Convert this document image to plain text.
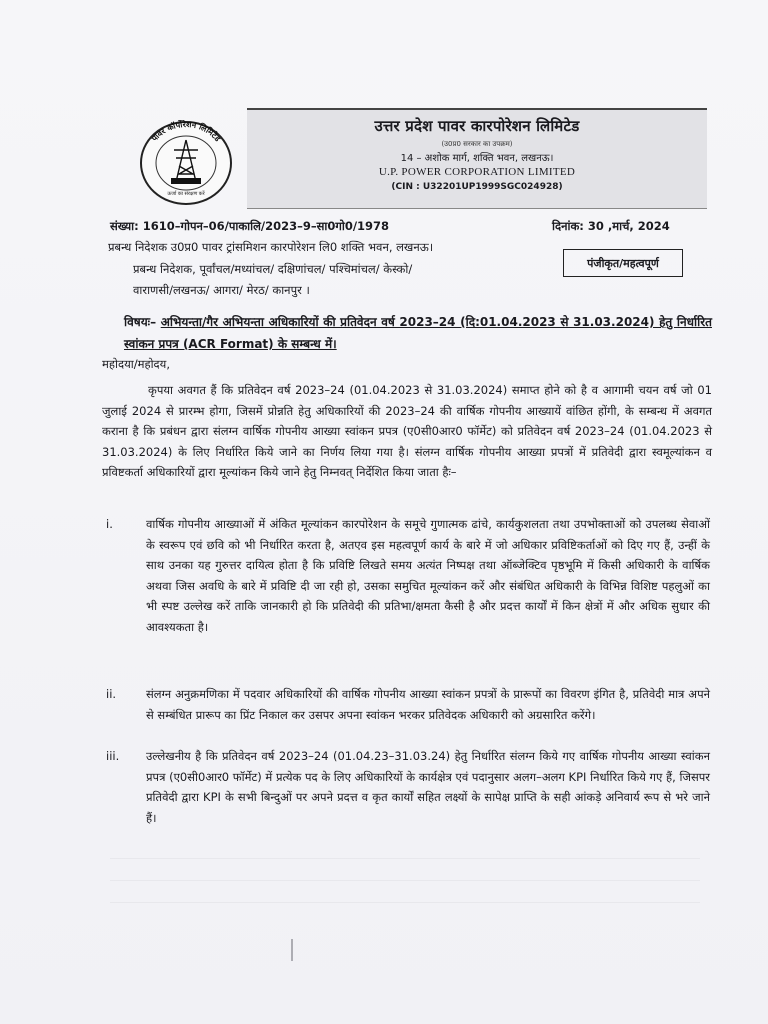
पावर कॉर्पोरेशन लिमिटेड
ऊर्जा का संरक्षण करें
उत्तर प्रदेश पावर कारपोरेशन लिमिटेड
(उ0प्र0 सरकार का उपक्रम)
14 – अशोक मार्ग, शक्ति भवन, लखनऊ।
U.P. POWER CORPORATION LIMITED
(CIN : U32201UP1999SGC024928)
संख्या: 1610–गोपन–06/पाकालि/2023–9–सा0गो0/1978	दिनांक: 30 ,मार्च, 2024
प्रबन्ध निदेशक उ0प्र0 पावर ट्रांसमिशन कारपोरेशन लि0 शक्ति भवन, लखनऊ।
प्रबन्ध निदेशक, पूर्वांचल/मध्यांचल/ दक्षिणांचल/ पश्चिमांचल/ केस्को/
वाराणसी/लखनऊ/ आगरा/ मेरठ/ कानपुर ।
पंजीकृत/महत्वपूर्ण
विषयः– अभियन्ता/गैर अभियन्ता अधिकारियों की प्रतिवेदन वर्ष 2023–24 (दि:01.04.2023 से 31.03.2024) हेतु निर्धारित स्वांकन प्रपत्र (ACR Format) के सम्बन्ध में।
महोदया/महोदय,
कृपया अवगत हैं कि प्रतिवेदन वर्ष 2023–24 (01.04.2023 से 31.03.2024) समाप्त होने को है व आगामी चयन वर्ष जो 01 जुलाई 2024 से प्रारम्भ होगा, जिसमें प्रोन्नति हेतु अधिकारियों की 2023–24 की वार्षिक गोपनीय आख्यायें वांछित होंगी, के सम्बन्ध में अवगत कराना है कि प्रबंधन द्वारा संलग्न वार्षिक गोपनीय आख्या स्वांकन प्रपत्र (ए0सी0आर0 फॉर्मेट) को प्रतिवेदन वर्ष 2023–24 (01.04.2023 से 31.03.2024) के लिए निर्धारित किये जाने का निर्णय लिया गया है। संलग्न वार्षिक गोपनीय आख्या प्रपत्रों में प्रतिवेदी द्वारा स्वमूल्यांकन व प्रविष्टकर्ता अधिकारियों द्वारा मूल्यांकन किये जाने हेतु निम्नवत् निर्देशित किया जाता हैः–
i.	वार्षिक गोपनीय आख्याओं में अंकित मूल्यांकन कारपोरेशन के समूचे गुणात्मक ढांचे, कार्यकुशलता तथा उपभोक्ताओं को उपलब्ध सेवाओं के स्वरूप एवं छवि को भी निर्धारित करता है, अतएव इस महत्वपूर्ण कार्य के बारे में जो अधिकार प्रविष्टिकर्ताओं को दिए गए हैं, उन्हीं के साथ उनका यह गुरुत्तर दायित्व होता है कि प्रविष्टि लिखते समय अत्यंत निष्पक्ष तथा ऑब्जेक्टिव पृष्ठभूमि में किसी अधिकारी के वार्षिक अथवा जिस अवधि के बारे में प्रविष्टि दी जा रही हो, उसका समुचित मूल्यांकन करें और संबंधित अधिकारी के विभिन्न विशिष्ट पहलुओं का भी स्पष्ट उल्लेख करें ताकि जानकारी हो कि प्रतिवेदी की प्रतिभा/क्षमता कैसी है और प्रदत्त कार्यों में किन क्षेत्रों में और अधिक सुधार की आवश्यकता है।
ii.	संलग्न अनुक्रमणिका में पदवार अधिकारियों की वार्षिक गोपनीय आख्या स्वांकन प्रपत्रों के प्रारूपों का विवरण इंगित है, प्रतिवेदी मात्र अपने से सम्बंधित प्रारूप का प्रिंट निकाल कर उसपर अपना स्वांकन भरकर प्रतिवेदक अधिकारी को अग्रसारित करेंगे।
iii.	उल्लेखनीय है कि प्रतिवेदन वर्ष 2023–24 (01.04.23–31.03.24) हेतु निर्धारित संलग्न किये गए वार्षिक गोपनीय आख्या स्वांकन प्रपत्र (ए0सी0आर0 फॉर्मेट) में प्रत्येक पद के लिए अधिकारियों के कार्यक्षेत्र एवं पदानुसार अलग–अलग KPI निर्धारित किये गए हैं, जिसपर प्रतिवेदी द्वारा KPI के सभी बिन्दुओं पर अपने प्रदत्त व कृत कार्यों सहित लक्ष्यों के सापेक्ष प्राप्ति के सही आंकड़े अनिवार्य रूप से भरे जाने हैं।
